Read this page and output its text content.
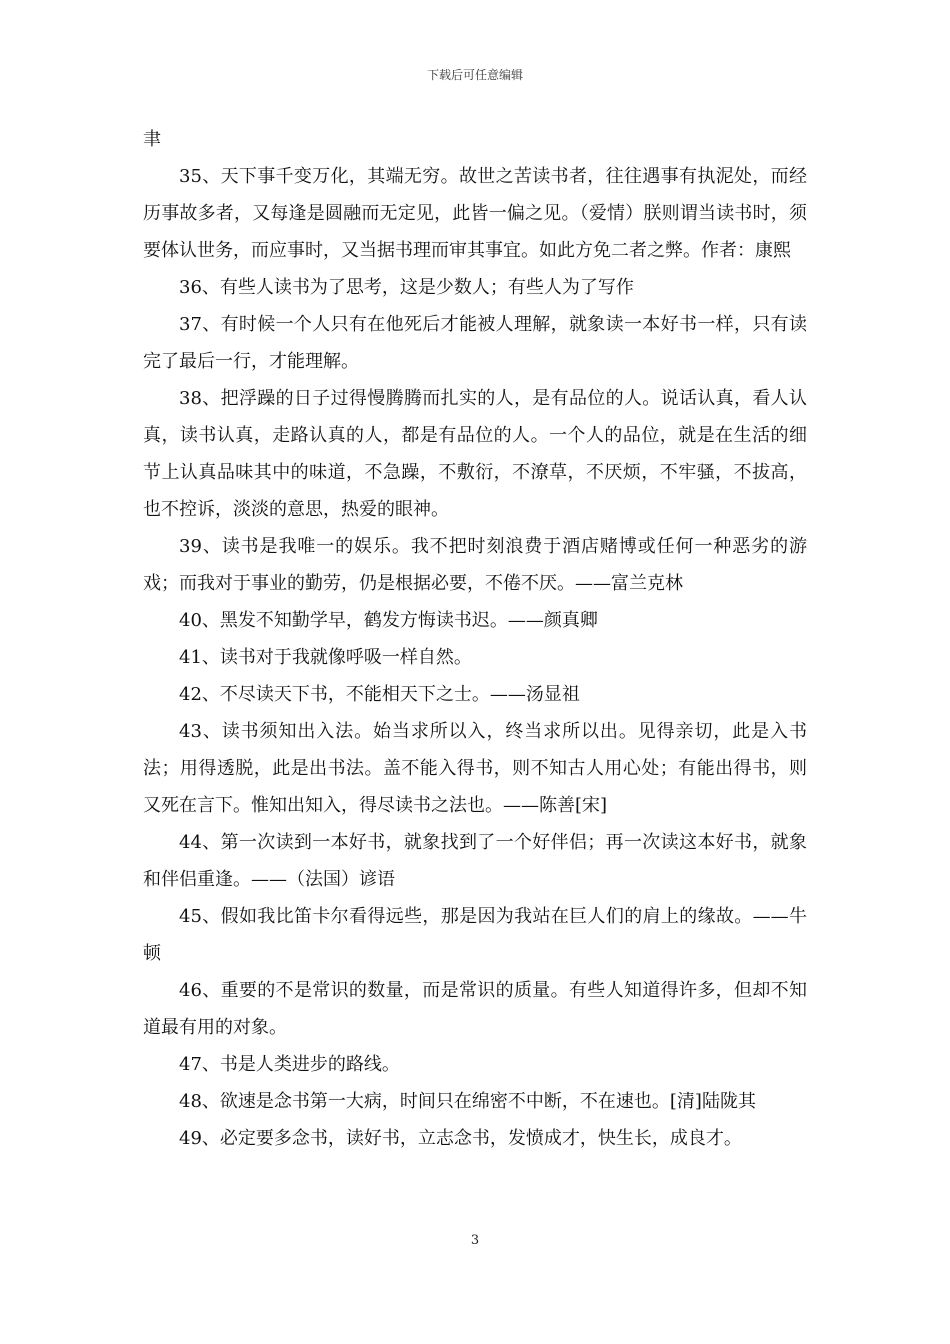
下载后可任意编辑

聿

35、天下事千变万化，其端无穷。故世之苦读书者，往往遇事有执泥处，而经历事故多者，又每逢是圆融而无定见，此皆一偏之见。（爱情）朕则谓当读书时，须要体认世务，而应事时，又当据书理而审其事宜。如此方免二者之弊。作者：康熙

36、有些人读书为了思考，这是少数人；有些人为了写作

37、有时候一个人只有在他死后才能被人理解，就象读一本好书一样，只有读完了最后一行，才能理解。

38、把浮躁的日子过得慢腾腾而扎实的人，是有品位的人。说话认真，看人认真，读书认真，走路认真的人，都是有品位的人。一个人的品位，就是在生活的细节上认真品味其中的味道，不急躁，不敷衍，不潦草，不厌烦，不牢骚，不拔高，也不控诉，淡淡的意思，热爱的眼神。

39、读书是我唯一的娱乐。我不把时刻浪费于酒店赌博或任何一种恶劣的游戏；而我对于事业的勤劳，仍是根据必要，不倦不厌。——富兰克林

40、黑发不知勤学早，鹤发方悔读书迟。——颜真卿

41、读书对于我就像呼吸一样自然。

42、不尽读天下书，不能相天下之士。——汤显祖

43、读书须知出入法。始当求所以入，终当求所以出。见得亲切，此是入书法；用得透脱，此是出书法。盖不能入得书，则不知古人用心处；有能出得书，则又死在言下。惟知出知入，得尽读书之法也。——陈善[宋]

44、第一次读到一本好书，就象找到了一个好伴侣；再一次读这本好书，就象和伴侣重逢。——（法国）谚语

45、假如我比笛卡尔看得远些，那是因为我站在巨人们的肩上的缘故。——牛顿

46、重要的不是常识的数量，而是常识的质量。有些人知道得许多，但却不知道最有用的对象。

47、书是人类进步的路线。

48、欲速是念书第一大病，时间只在绵密不中断，不在速也。[清]陆陇其

49、必定要多念书，读好书，立志念书，发愤成才，快生长，成良才。

3
